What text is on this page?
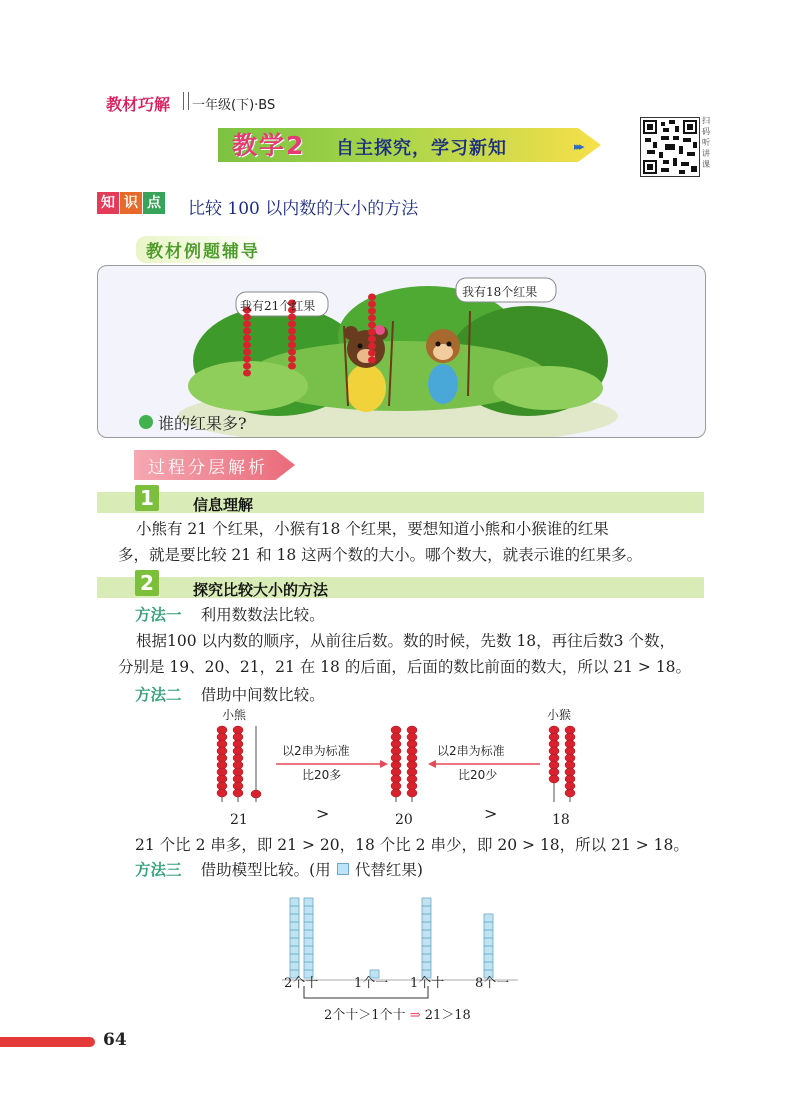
教材巧解 一年级(下)·BS
教学2 自主探究，学习新知	▸▸▸
扫码听讲课
知 识 点 比较 100 以内数的大小的方法
教材例题辅导
我有21个红果
我有18个红果
谁的红果多?
过程分层解析
1	信息理解
小熊有 21 个红果，小猴有18 个红果，要想知道小熊和小猴谁的红果
多，就是要比较 21 和 18 这两个数的大小。哪个数大，就表示谁的红果多。
2	探究比较大小的方法
方法一 利用数数法比较。
根据100 以内数的顺序，从前往后数。数的时候，先数 18，再往后数3 个数，
分别是 19、20、21，21 在 18 的后面，后面的数比前面的数大，所以 21 > 18。
方法二 借助中间数比较。
小熊	小猴
以2串为标准
比20多
以2串为标准
比20少
21	>	20	>	18
21 个比 2 串多，即 21 > 20，18 个比 2 串少，即 20 > 18，所以 21 > 18。
方法三 借助模型比较。(用 代替红果)
2个十	1个一 1个十 8个一
2个十＞1个十 ⇒ 21＞18
64
